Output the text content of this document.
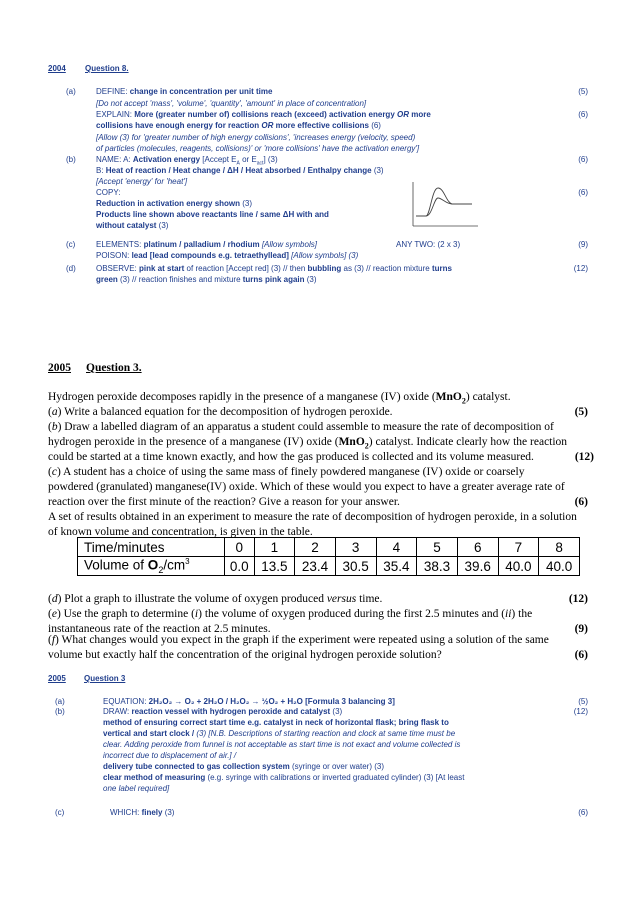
2004 Question 8.
(a)	DEFINE: change in concentration per unit time	(5)
[Do not accept 'mass', 'volume', 'quantity', 'amount' in place of concentration]
EXPLAIN: More (greater number of) collisions reach (exceed) activation energy OR more	(6)
collisions have enough energy for reaction OR more effective collisions (6)
[Allow (3) for 'greater number of high energy collisions', 'increases energy (velocity, speed)
of particles (molecules, reagents, collisions)' or 'more collisions' have the activation energy']
(b)	NAME: A: Activation energy [Accept $E_A$ or $E_{act}$] (3)	(6)
B: Heat of reaction / Heat change / ΔH / Heat absorbed / Enthalpy change (3)
[Accept 'energy' for 'heat']
COPY:	(6)
Reduction in activation energy shown (3)
Products line shown above reactants line / same ΔH with and
without catalyst (3)
(c)	ELEMENTS: platinum / palladium / rhodium [Allow symbols]	ANY TWO: (2 x 3)	(9)
POISON: lead [lead compounds e.g. tetraethyllead] [Allow symbols] (3)
(d)	OBSERVE: pink at start of reaction [Accept red] (3) // then bubbling as (3) // reaction mixture turns	(12)
green (3) // reaction finishes and mixture turns pink again (3)
2005 Question 3.
Hydrogen peroxide decomposes rapidly in the presence of a manganese (IV) oxide (MnO$_2$) catalyst.
(a) Write a balanced equation for the decomposition of hydrogen peroxide.	(5)
(b) Draw a labelled diagram of an apparatus a student could assemble to measure the rate of decomposition of
hydrogen peroxide in the presence of a manganese (IV) oxide (MnO$_2$) catalyst. Indicate clearly how the reaction
could be started at a time known exactly, and how the gas produced is collected and its volume measured.	(12)
(c) A student has a choice of using the same mass of finely powdered manganese (IV) oxide or coarsely
powdered (granulated) manganese(IV) oxide. Which of these would you expect to have a greater average rate of
reaction over the first minute of the reaction? Give a reason for your answer.	(6)
A set of results obtained in an experiment to measure the rate of decomposition of hydrogen peroxide, in a solution
of known volume and concentration, is given in the table.
Time/minutes	0	1	2	3	4	5	6	7	8
Volume of $O_2/cm^3$	0.0	13.5	23.4	30.5	35.4	38.3	39.6	40.0	40.0
(d) Plot a graph to illustrate the volume of oxygen produced versus time.	(12)
(e) Use the graph to determine (i) the volume of oxygen produced during the first 2.5 minutes and (ii) the
instantaneous rate of the reaction at 2.5 minutes.	(9)
(f) What changes would you expect in the graph if the experiment were repeated using a solution of the same
volume but exactly half the concentration of the original hydrogen peroxide solution?	(6)
2005 Question 3
(a)	EQUATION: 2H₂O₂ → O₂ + 2H₂O / H₂O₂ → ½O₂ + H₂O [Formula 3 balancing 3]	(5)
(b)	DRAW: reaction vessel with hydrogen peroxide and catalyst (3)	(12)
method of ensuring correct start time e.g. catalyst in neck of horizontal flask; bring flask to
vertical and start clock / (3) [N.B. Descriptions of starting reaction and clock at same time must be
clear. Adding peroxide from funnel is not acceptable as start time is not exact and volume collected is
incorrect due to displacement of air.] /
delivery tube connected to gas collection system (syringe or over water) (3)
clear method of measuring (e.g. syringe with calibrations or inverted graduated cylinder) (3) [At least
one label required]
(c)	WHICH: finely (3)	(6)
